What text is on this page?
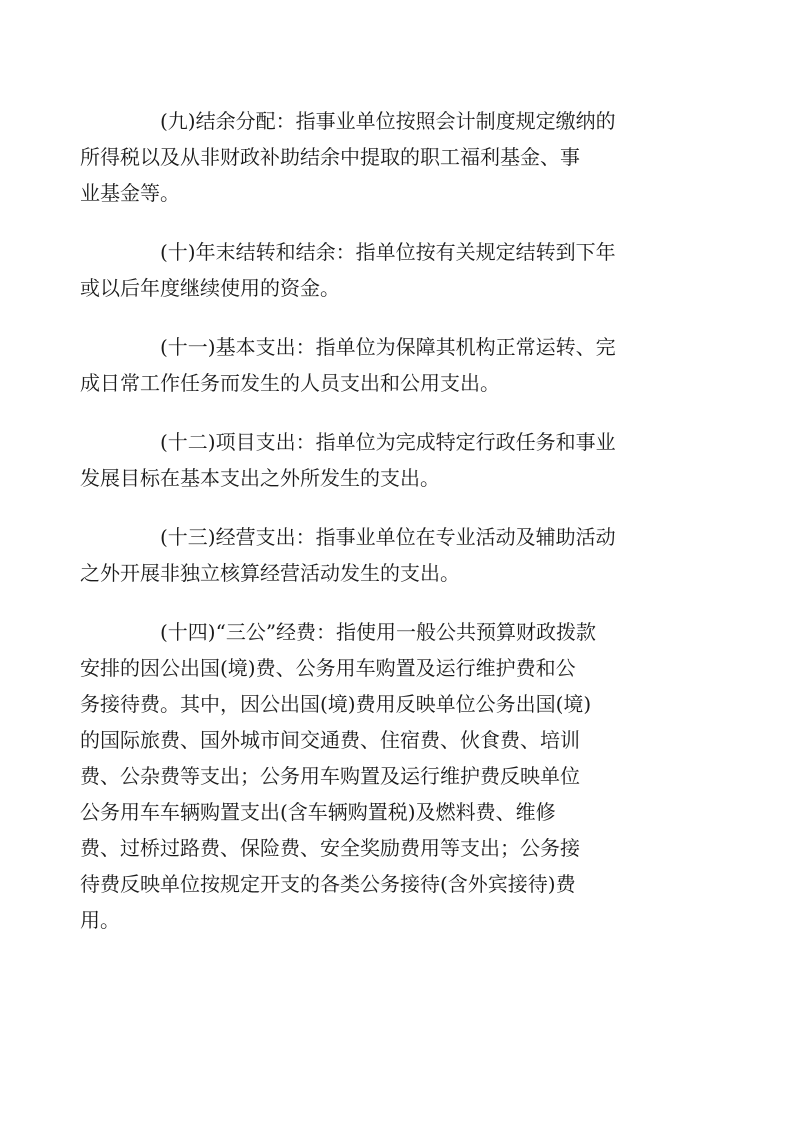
(九)结余分配：指事业单位按照会计制度规定缴纳的
所得税以及从非财政补助结余中提取的职工福利基金、事
业基金等。

(十)年末结转和结余：指单位按有关规定结转到下年
或以后年度继续使用的资金。

(十一)基本支出：指单位为保障其机构正常运转、完
成日常工作任务而发生的人员支出和公用支出。

(十二)项目支出：指单位为完成特定行政任务和事业
发展目标在基本支出之外所发生的支出。

(十三)经营支出：指事业单位在专业活动及辅助活动
之外开展非独立核算经营活动发生的支出。

(十四)“三公”经费：指使用一般公共预算财政拨款
安排的因公出国(境)费、公务用车购置及运行维护费和公
务接待费。其中，因公出国(境)费用反映单位公务出国(境)
的国际旅费、国外城市间交通费、住宿费、伙食费、培训
费、公杂费等支出；公务用车购置及运行维护费反映单位
公务用车车辆购置支出(含车辆购置税)及燃料费、维修
费、过桥过路费、保险费、安全奖励费用等支出；公务接
待费反映单位按规定开支的各类公务接待(含外宾接待)费
用。
